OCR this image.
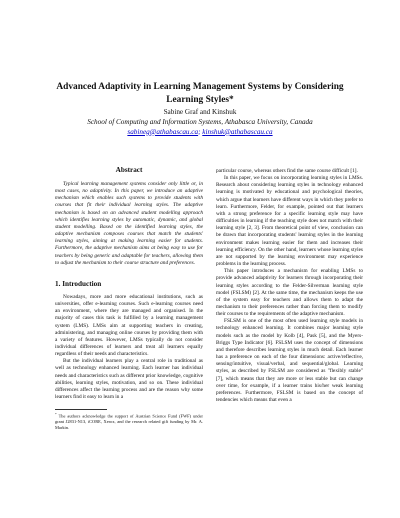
Advanced Adaptivity in Learning Management Systems by Considering Learning Styles*
Sabine Graf and Kinshuk
School of Computing and Information Systems, Athabasca University, Canada
sabineg@athabascau.ca; kinshuk@athabascau.ca
Abstract

Typical learning management systems consider only little or, in most cases, no adaptivity. In this paper, we introduce an adaptive mechanism which enables such systems to provide students with courses that fit their individual learning styles. The adaptive mechanism is based on an advanced student modelling approach which identifies learning styles by automatic, dynamic, and global student modelling. Based on the identified learning styles, the adaptive mechanism composes courses that match the students' learning styles, aiming at making learning easier for students. Furthermore, the adaptive mechanism aims at being easy to use for teachers by being generic and adaptable for teachers, allowing them to adjust the mechanism to their course structure and preferences.

1. Introduction

Nowadays, more and more educational institutions, such as universities, offer e-learning courses. Such e-learning courses need an environment, where they are managed and organised. In the majority of cases this task is fulfilled by a learning management system (LMS). LMSs aim at supporting teachers in creating, administering, and managing online courses by providing them with a variety of features. However, LMSs typically do not consider individual differences of learners and treat all learners equally regardless of their needs and characteristics.

But the individual learners play a central role in traditional as well as technology enhanced learning. Each learner has individual needs and characteristics such as different prior knowledge, cognitive abilities, learning styles, motivation, and so on. These individual differences affect the learning process and are the reason why some learners find it easy to learn in a

* The authors acknowledge the support of Austrian Science Fund (FWF) under grant J2831-N13, iCORE, Xerox, and the research related gift funding by Mr. A. Markin.

particular course, whereas others find the same course difficult [1].

In this paper, we focus on incorporating learning styles in LMSs. Research about considering learning styles in technology enhanced learning is motivated by educational and psychological theories, which argue that learners have different ways in which they prefer to learn. Furthermore, Felder, for example, pointed out that learners with a strong preference for a specific learning style may have difficulties in learning if the teaching style does not match with their learning style [2, 3]. From theoretical point of view, conclusion can be drawn that incorporating students' learning styles in the learning environment makes learning easier for them and increases their learning efficiency. On the other hand, learners whose learning styles are not supported by the learning environment may experience problems in the learning process.

This paper introduces a mechanism for enabling LMSs to provide advanced adaptivity for learners through incorporating their learning styles according to the Felder-Silverman learning style model (FSLSM) [2]. At the same time, the mechanism keeps the use of the system easy for teachers and allows them to adapt the mechanism to their preferences rather than forcing them to modify their courses to the requirements of the adaptive mechanism.

FSLSM is one of the most often used learning style models in technology enhanced learning. It combines major learning style models such as the model by Kolb [4], Pask [5], and the Myers-Briggs Type Indicator [6]. FSLSM uses the concept of dimensions and therefore describes learning styles in much detail. Each learner has a preference on each of the four dimensions: active/reflective, sensing/intuitive, visual/verbal, and sequential/global. Learning styles, as described by FSLSM are considered as "flexibly stable" [7], which means that they are more or less stable but can change over time, for example, if a learner trains his/her weak learning preferences. Furthermore, FSLSM is based on the concept of tendencies which means that even a
